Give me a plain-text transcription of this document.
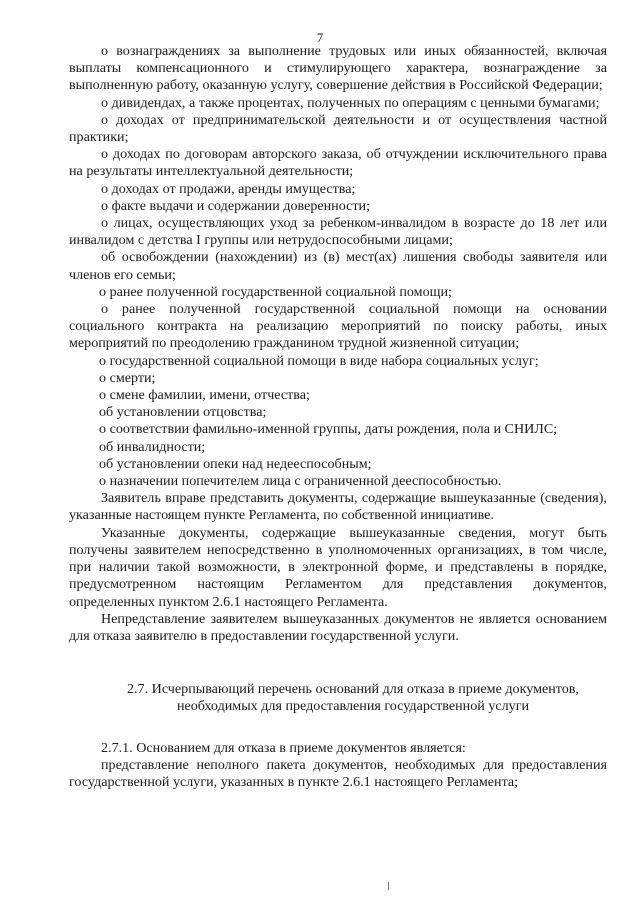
7

о вознаграждениях за выполнение трудовых или иных обязанностей, включая выплаты компенсационного и стимулирующего характера, вознаграждение за выполненную работу, оказанную услугу, совершение действия в Российской Федерации;

о дивидендах, а также процентах, полученных по операциям с ценными бумагами;

о доходах от предпринимательской деятельности и от осуществления частной практики;

о доходах по договорам авторского заказа, об отчуждении исключительного права на результаты интеллектуальной деятельности;

о доходах от продажи, аренды имущества;

о факте выдачи и содержании доверенности;

о лицах, осуществляющих уход за ребенком-инвалидом в возрасте до 18 лет или инвалидом с детства I группы или нетрудоспособными лицами;

об освобождении (нахождении) из (в) мест(ах) лишения свободы заявителя или членов его семьи;

о ранее полученной государственной социальной помощи;

о ранее полученной государственной социальной помощи на основании социального контракта на реализацию мероприятий по поиску работы, иных мероприятий по преодолению гражданином трудной жизненной ситуации;

о государственной социальной помощи в виде набора социальных услуг;

о смерти;

о смене фамилии, имени, отчества;

об установлении отцовства;

о соответствии фамильно-именной группы, даты рождения, пола и СНИЛС;

об инвалидности;

об установлении опеки над недееспособным;

о назначении попечителем лица с ограниченной дееспособностью.

Заявитель вправе представить документы, содержащие вышеуказанные (сведения), указанные настоящем пункте Регламента, по собственной инициативе.

Указанные документы, содержащие вышеуказанные сведения, могут быть получены заявителем непосредственно в уполномоченных организациях, в том числе, при наличии такой возможности, в электронной форме, и представлены в порядке, предусмотренном настоящим Регламентом для представления документов, определенных пунктом 2.6.1 настоящего Регламента.

Непредставление заявителем вышеуказанных документов не является основанием для отказа заявителю в предоставлении государственной услуги.

2.7. Исчерпывающий перечень оснований для отказа в приеме документов,
необходимых для предоставления государственной услуги

2.7.1. Основанием для отказа в приеме документов является:

представление неполного пакета документов, необходимых для предоставления государственной услуги, указанных в пункте 2.6.1 настоящего Регламента;
